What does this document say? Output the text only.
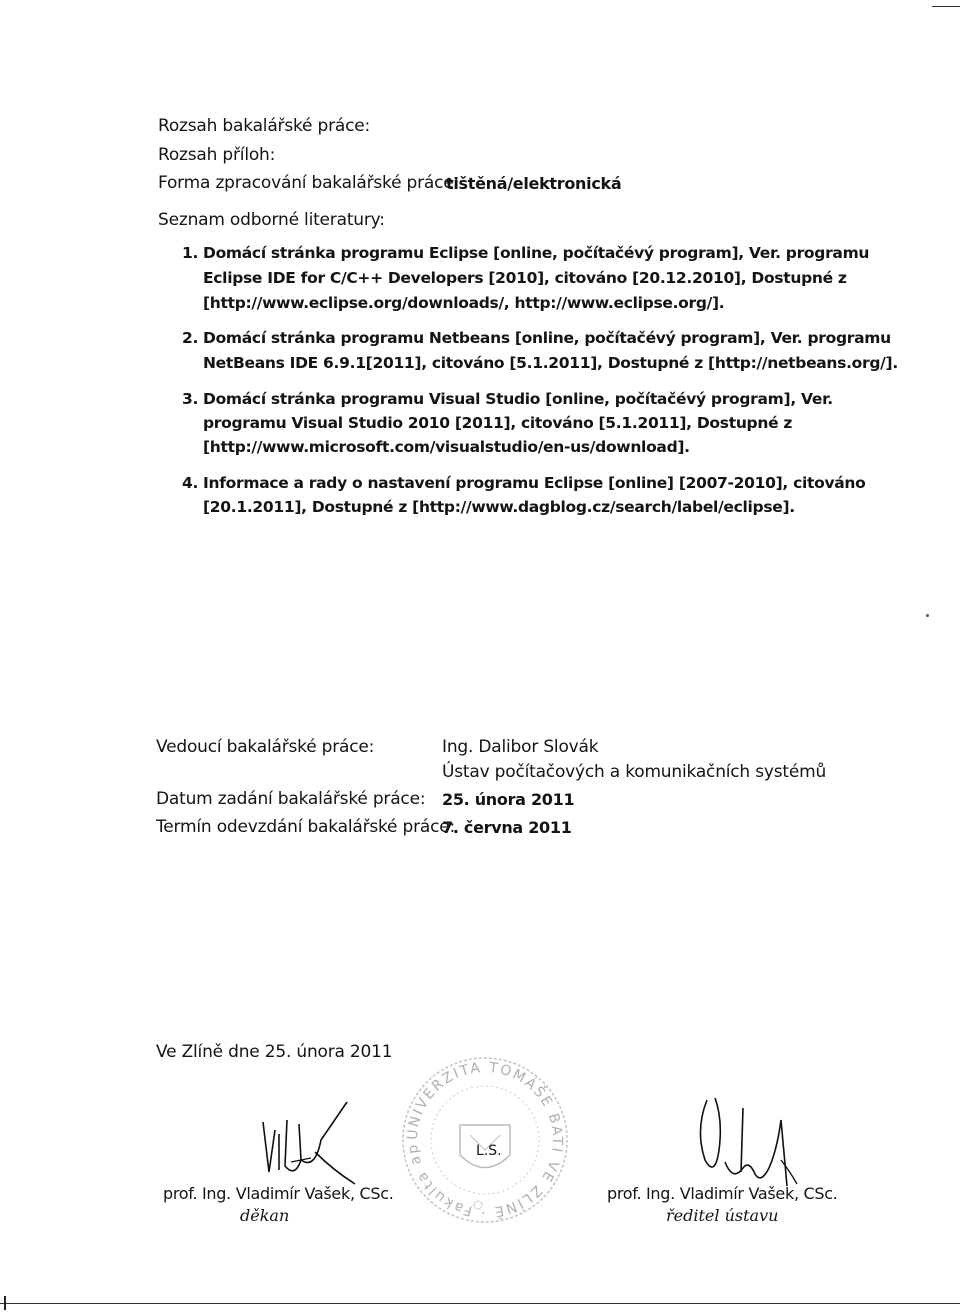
Rozsah bakalářské práce:
Rozsah příloh:
Forma zpracování bakalářské práce:
tištěná/elektronická
Seznam odborné literatury:
1. Domácí stránka programu Eclipse [online, počítačévý program], Ver. programu
Eclipse IDE for C/C++ Developers [2010], citováno [20.12.2010], Dostupné z
[http://www.eclipse.org/downloads/, http://www.eclipse.org/].
2. Domácí stránka programu Netbeans [online, počítačévý program], Ver. programu
NetBeans IDE 6.9.1[2011], citováno [5.1.2011], Dostupné z [http://netbeans.org/].
3. Domácí stránka programu Visual Studio [online, počítačévý program], Ver.
programu Visual Studio 2010 [2011], citováno [5.1.2011], Dostupné z
[http://www.microsoft.com/visualstudio/en-us/download].
4. Informace a rady o nastavení programu Eclipse [online] [2007-2010], citováno
[20.1.2011], Dostupné z [http://www.dagblog.cz/search/label/eclipse].
Vedoucí bakalářské práce:	Ing. Dalibor Slovák
Ústav počítačových a komunikačních systémů
Datum zadání bakalářské práce: 25. února 2011
Termín odevzdání bakalářské práce:
7. června 2011
Ve Zlíně dne 25. února 2011
UNIVERZITA TOMÁŠE BATI VE ZLÍNĚ · Fakulta aplikované informatiky
L.S.
prof. Ing. Vladimír Vašek, CSc.
děkan
prof. Ing. Vladimír Vašek, CSc.
ředitel ústavu
